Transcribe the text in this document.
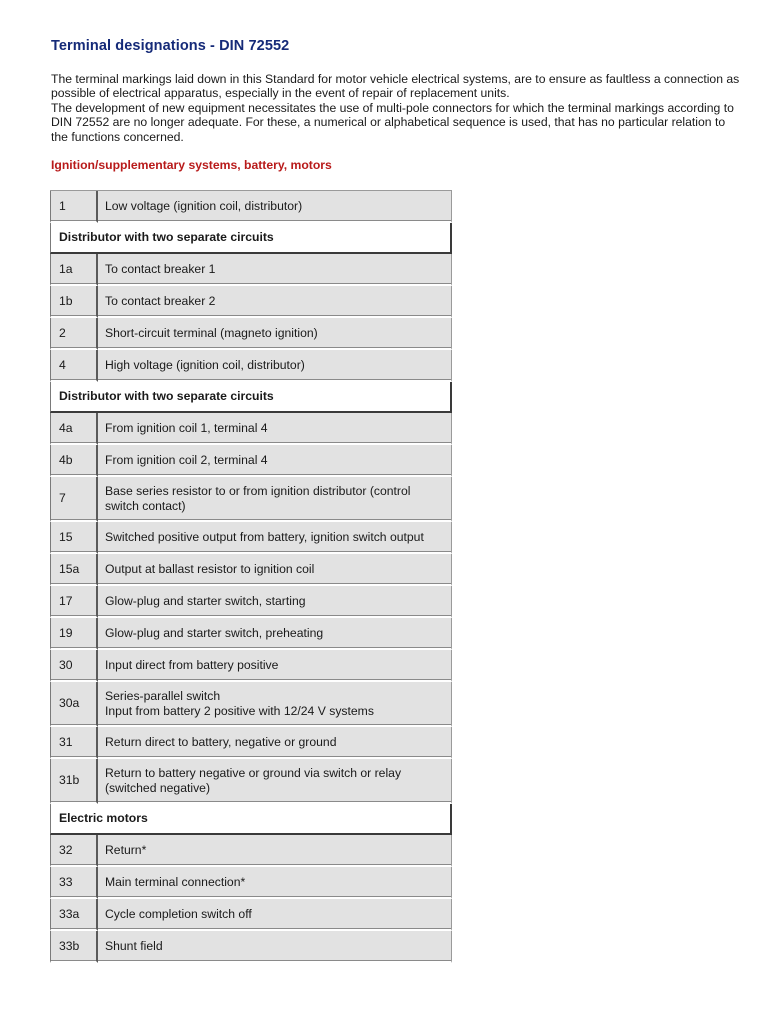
Terminal designations - DIN 72552

The terminal markings laid down in this Standard for motor vehicle electrical systems, are to ensure as faultless a connection as possible of electrical apparatus, especially in the event of repair of replacement units.

The development of new equipment necessitates the use of multi-pole connectors for which the terminal markings according to DIN 72552 are no longer adequate. For these, a numerical or alphabetical sequence is used, that has no particular relation to the functions concerned.

Ignition/supplementary systems, battery, motors
1	Low voltage (ignition coil, distributor)
Distributor with two separate circuits	
1a	To contact breaker 1
1b	To contact breaker 2
2	Short-circuit terminal (magneto ignition)
4	High voltage (ignition coil, distributor)
Distributor with two separate circuits	
4a	From ignition coil 1, terminal 4
4b	From ignition coil 2, terminal 4
7	Base series resistor to or from ignition distributor (control switch contact)
15	Switched positive output from battery, ignition switch output
15a	Output at ballast resistor to ignition coil
17	Glow-plug and starter switch, starting
19	Glow-plug and starter switch, preheating
30	Input direct from battery positive
30a	Series-parallel switch
Input from battery 2 positive with 12/24 V systems

31	Return direct to battery, negative or ground
31b	Return to battery negative or ground via switch or relay (switched negative)
Electric motors	
32	Return*
33	Main terminal connection*
33a	Cycle completion switch off
33b	Shunt field
